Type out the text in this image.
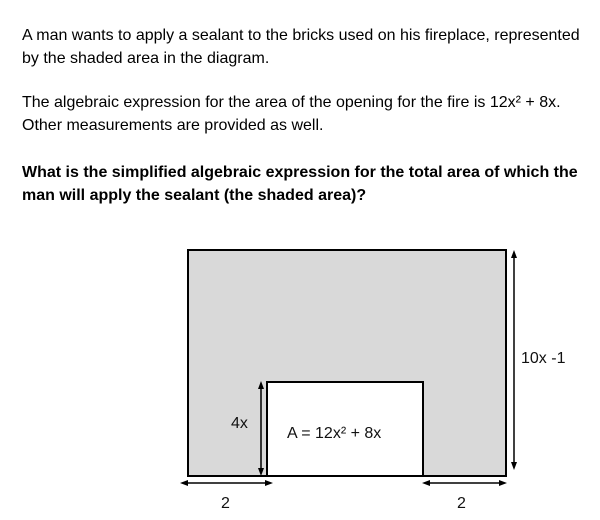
A man wants to apply a sealant to the bricks used on his fireplace, represented by the shaded area in the diagram.

The algebraic expression for the area of the opening for the fire is 12x² + 8x. Other measurements are provided as well.

What is the simplified algebraic expression for the total area of which the man will apply the sealant (the shaded area)?

10x -1
4x
A = 12x² + 8x
2	2
